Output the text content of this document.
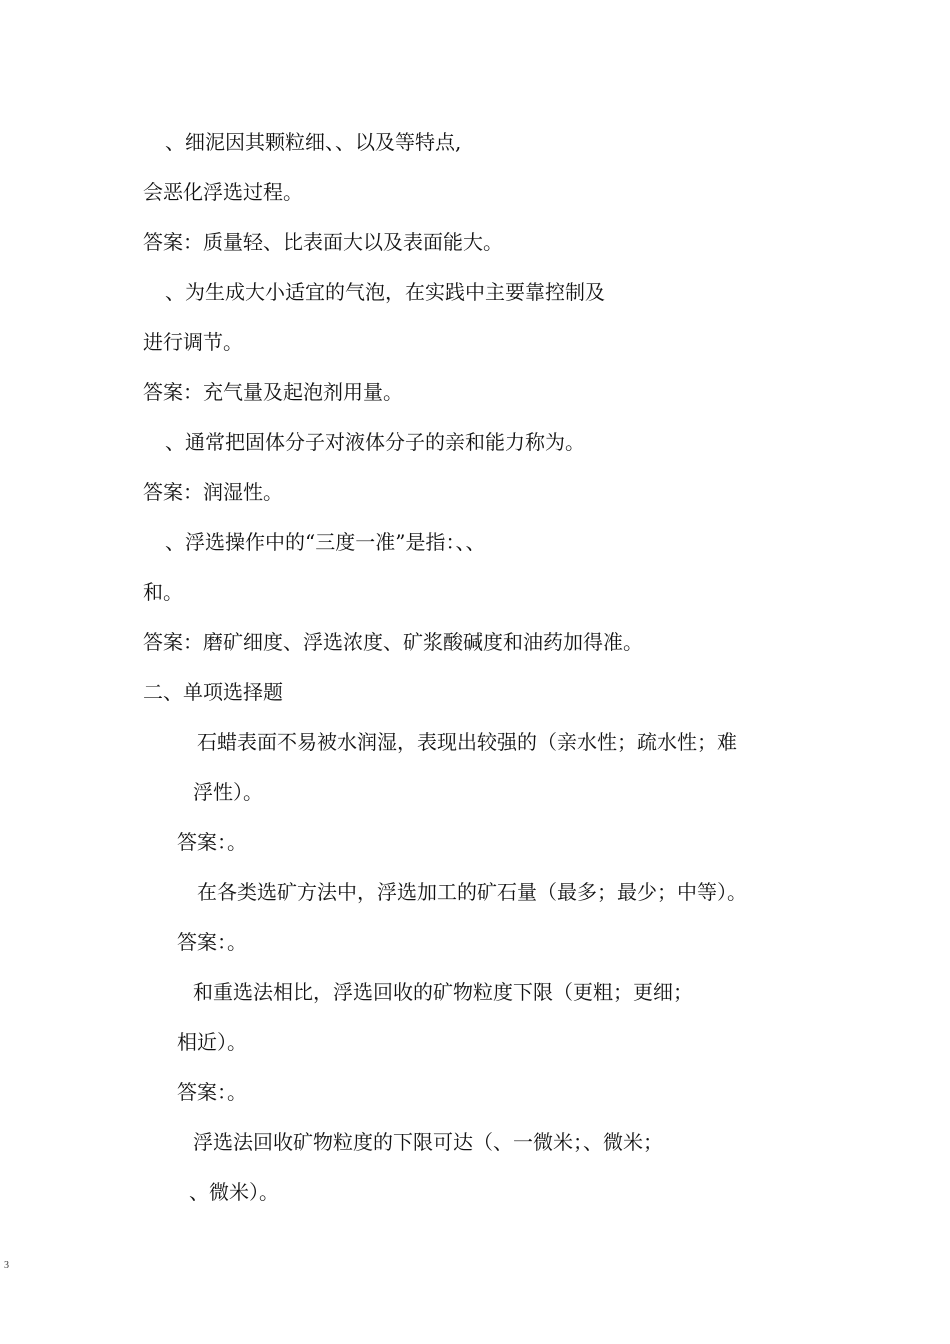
、细泥因其颗粒细、、以及等特点,
会恶化浮选过程。
答案：质量轻、比表面大以及表面能大。
、为生成大小适宜的气泡，在实践中主要靠控制及
进行调节。
答案：充气量及起泡剂用量。
、通常把固体分子对液体分子的亲和能力称为。
答案：润湿性。
、浮选操作中的“三度一准”是指：、、
和。
答案：磨矿细度、浮选浓度、矿浆酸碱度和油药加得准。
二、单项选择题
石蜡表面不易被水润湿，表现出较强的（亲水性；疏水性；难
浮性）。
答案：。
在各类选矿方法中，浮选加工的矿石量（最多；最少；中等）。
答案：。
和重选法相比，浮选回收的矿物粒度下限（更粗；更细；
相近）。
答案：。
浮选法回收矿物粒度的下限可达（、一微米；、微米；
、微米）。
3
